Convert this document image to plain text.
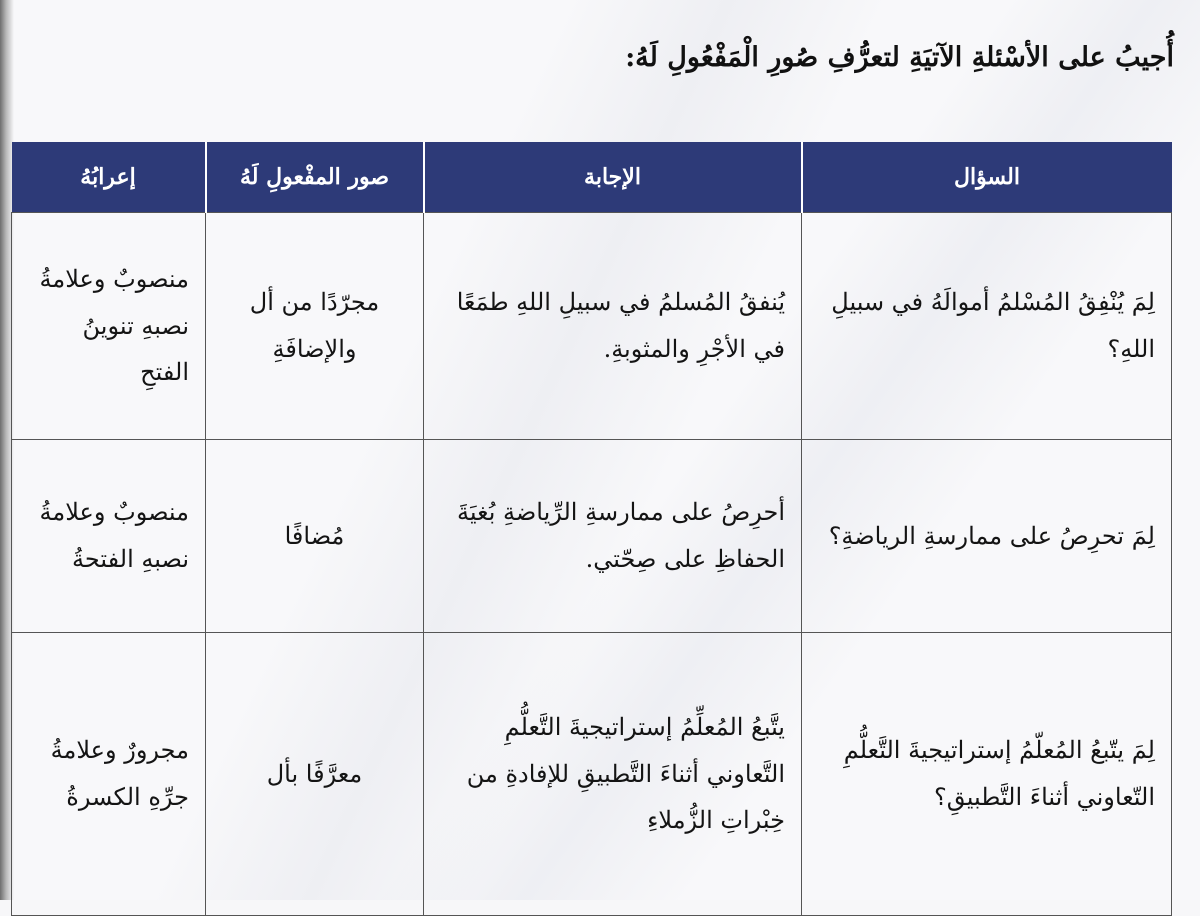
أُجيبُ على الأسْئلةِ الآتيَةِ لتعرُّفِ صُورِ الْمَفْعُولِ لَهُ:
السؤال	الإجابة	صور المفْعولِ لَهُ	إعرابُهُ
لِمَ يُنْفِقُ المُسْلمُ أموالَهُ في سبيلِ اللهِ؟	يُنفقُ المُسلمُ في سبيلِ اللهِ طمَعًا في الأجْرِ والمثوبةِ.	مجرّدًا من أل والإضافَةِ	منصوبٌ وعلامةُ نصبهِ تنوينُ الفتحِ
لِمَ تحرِصُ على ممارسةِ الرياضةِ؟	أحرِصُ على ممارسةِ الرِّياضةِ بُغيَةَ الحفاظِ على صِحّتي.	مُضافًا	منصوبٌ وعلامةُ نصبهِ الفتحةُ
لِمَ يتّبعُ المُعلّمُ إستراتيجيةَ التَّعلُّمِ التّعاوني أثناءَ التَّطبيقِ؟	يتَّبعُ المُعلِّمُ إستراتيجيةَ التَّعلُّمِ التَّعاوني أثناءَ التَّطبيقِ للإفادةِ من خِبْراتِ الزُّملاءِ	معرَّفًا بأل	مجرورٌ وعلامةُ جرِّهِ الكسرةُ
